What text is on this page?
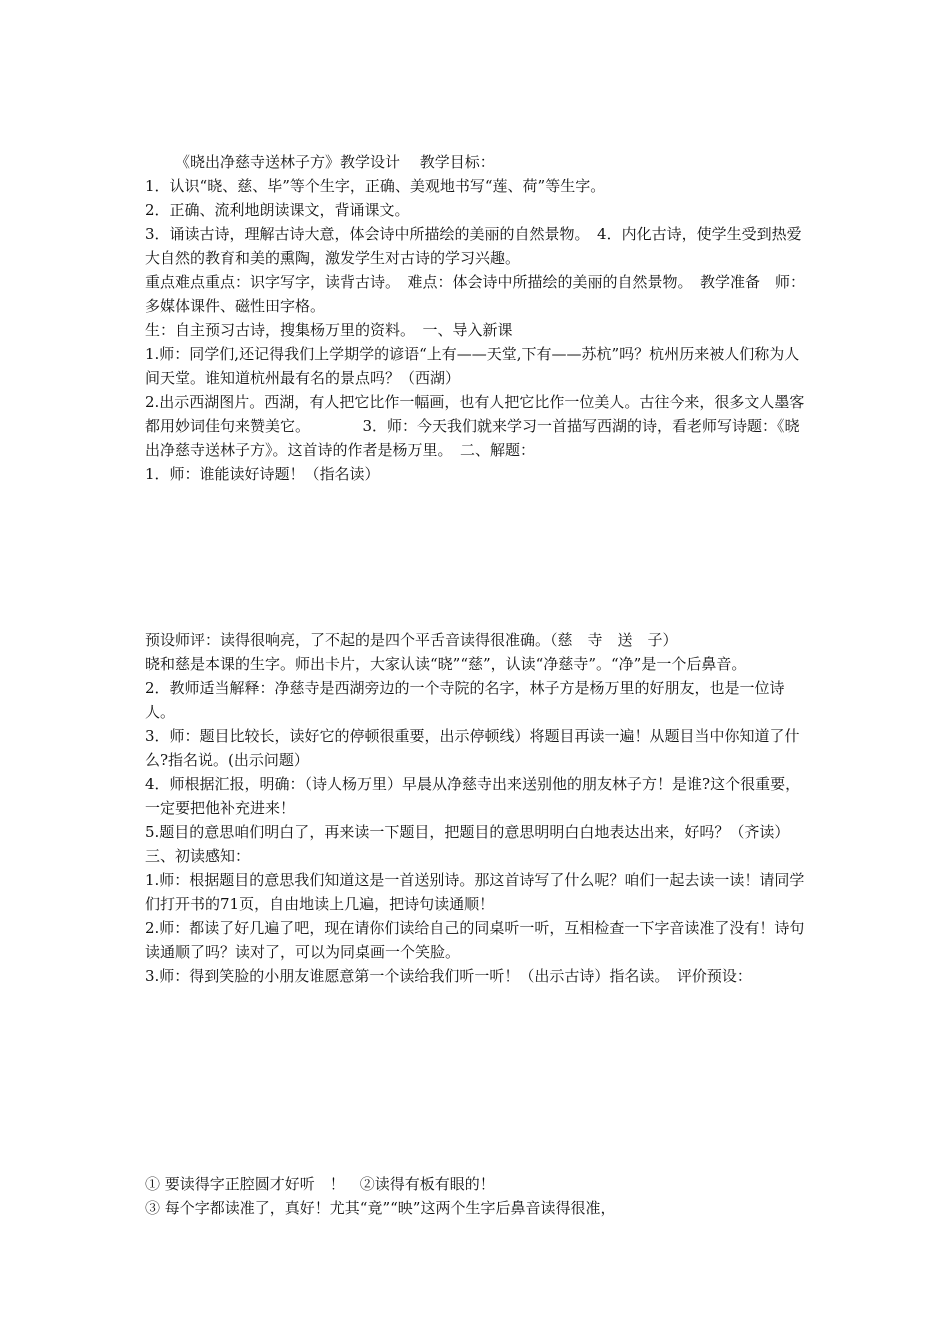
《晓出净慈寺送林子方》教学设计　 教学目标：

1．认识“晓、慈、毕”等个生字，正确、美观地书写“莲、荷”等生字。

2．正确、流利地朗读课文，背诵课文。

3．诵读古诗，理解古诗大意，体会诗中所描绘的美丽的自然景物。　4．内化古诗，使学生受到热爱大自然的教育和美的熏陶，激发学生对古诗的学习兴趣。

重点难点重点：识字写字，读背古诗。　难点：体会诗中所描绘的美丽的自然景物。　教学准备　师：多媒体课件、磁性田字格。

生：自主预习古诗，搜集杨万里的资料。　一、导入新课

1.师：同学们,还记得我们上学期学的谚语“上有——天堂,下有——苏杭”吗？杭州历来被人们称为人间天堂。谁知道杭州最有名的景点吗？（西湖）

2.出示西湖图片。西湖，有人把它比作一幅画，也有人把它比作一位美人。古往今来，很多文人墨客都用妙词佳句来赞美它。　　　　3．师：今天我们就来学习一首描写西湖的诗，看老师写诗题：《晓出净慈寺送林子方》。这首诗的作者是杨万里。　二、解题：

1．师：谁能读好诗题！（指名读）

预设师评：读得很响亮，了不起的是四个平舌音读得很准确。（慈　寺　送　子）

晓和慈是本课的生字。师出卡片，大家认读“晓”“慈”，认读“净慈寺”。“净”是一个后鼻音。

2．教师适当解释：净慈寺是西湖旁边的一个寺院的名字，林子方是杨万里的好朋友，也是一位诗人。

3．师：题目比较长，读好它的停顿很重要，出示停顿线）将题目再读一遍！从题目当中你知道了什么?指名说。(出示问题）

4．师根据汇报，明确：（诗人杨万里）早晨从净慈寺出来送别他的朋友林子方！是谁?这个很重要，一定要把他补充进来！

5.题目的意思咱们明白了，再来读一下题目，把题目的意思明明白白地表达出来，好吗？（齐读）　三、初读感知：

1.师：根据题目的意思我们知道这是一首送别诗。那这首诗写了什么呢？咱们一起去读一读！请同学们打开书的71页，自由地读上几遍，把诗句读通顺！

2.师：都读了好几遍了吧，现在请你们读给自己的同桌听一听，互相检查一下字音读准了没有！诗句读通顺了吗？读对了，可以为同桌画一个笑脸。

3.师：得到笑脸的小朋友谁愿意第一个读给我们听一听！（出示古诗）指名读。　评价预设：

① 要读得字正腔圆才好听　！　②读得有板有眼的！

③ 每个字都读准了，真好！尤其“竟”“映”这两个生字后鼻音读得很准，
